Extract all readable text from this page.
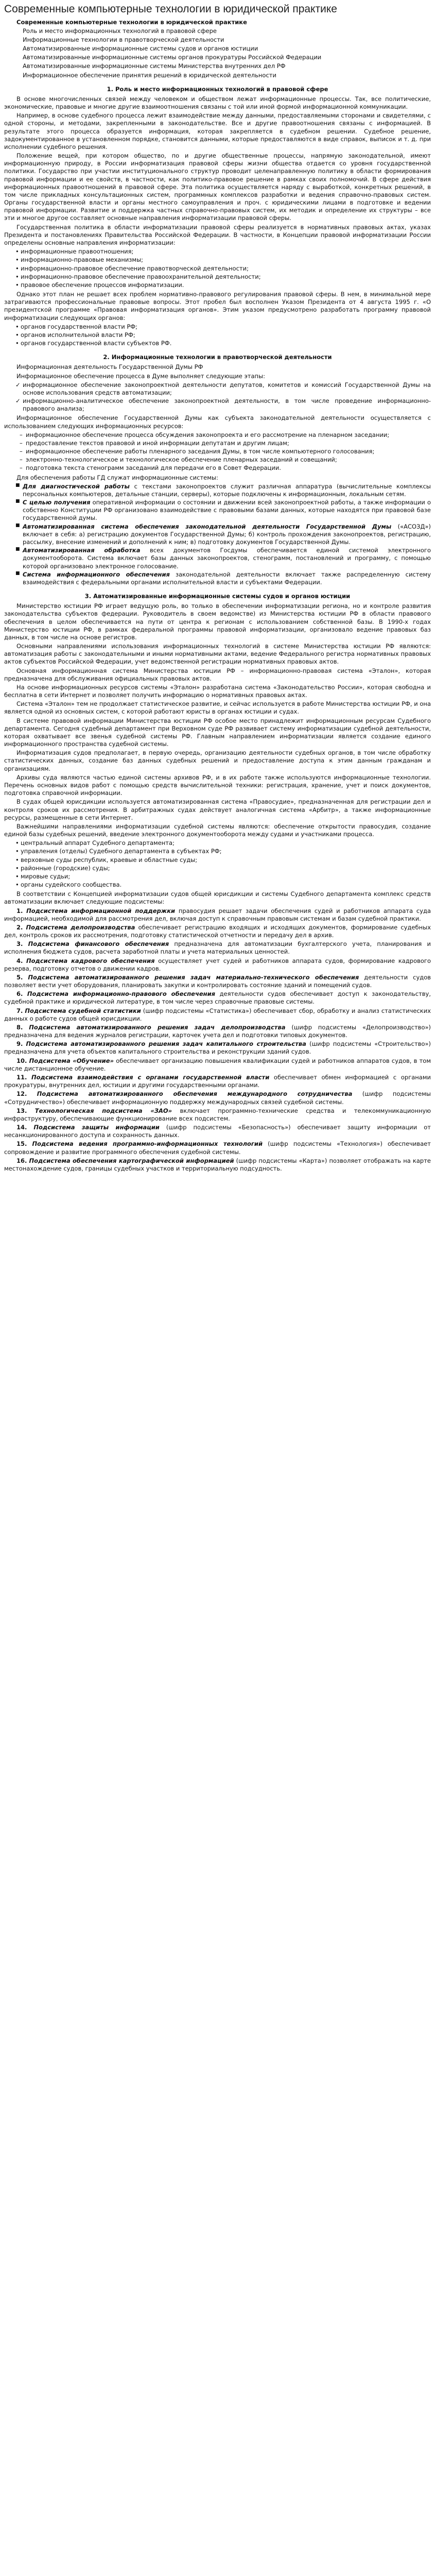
Современные компьютерные технологии в юридической практике
Современные компьютерные технологии в юридической практике
Роль и место информационных технологий в правовой сфере
Информационные технологии в правотворческой деятельности
Автоматизированные информационные системы судов и органов юстиции
Автоматизированные информационные системы органов прокуратуры Российской Федерации
Автоматизированные информационные системы Министерства внутренних дел РФ
Информационное обеспечение принятия решений в юридической деятельности
1. Роль и место информационных технологий в правовой сфере

В основе многочисленных связей между человеком и обществом лежат информационные процессы. Так, все политические, экономические, правовые и многие другие взаимоотношения связаны с той или иной формой информационной коммуникации.

Например, в основе судебного процесса лежит взаимодействие между данными, предоставляемыми сторонами и свидетелями, с одной стороны, и методами, закрепленными в законодательстве. Все и другие правоотношения связаны с информацией. В результате этого процесса образуется информация, которая закрепляется в судебном решении. Судебное решение, задокументированное в установленном порядке, становится данными, которые предоставляются в виде справок, выписок и т. д. при исполнении судебного решения.

Положение вещей, при котором общество, по и другие общественные процессы, напрямую законодательной, имеют информационную природу, в России информатизация правовой сферы жизни общества отдается со уровня государственной политики. Государство при участии институционального структур проводит целенаправленную политику в области формирования правовой информации и ее свойств, в частности, как политико-правовое решение в рамках своих полномочий. В сфере действия информационных правоотношений в правовой сфере. Эта политика осуществляется наряду с выработкой, конкретных решений, в том числе прикладных консультационных систем, программных комплексов разработки и ведения справочно-правовых систем. Органы государственной власти и органы местного самоуправления и проч. с юридическими лицами в подготовке и ведении правовой информации. Развитие и поддержка частных справочно-правовых систем, их методик и определение их структуры – все эти и многое другое составляет основные направления информатизации правовой сферы.

Государственная политика в области информатизации правовой сферы реализуется в нормативных правовых актах, указах Президента и постановлениях Правительства Российской Федерации. В частности, в Концепции правовой информатизации России определены основные направления информатизации:

• информационные правоотношения;
• информационно-правовые механизмы;
• информационно-правовое обеспечение правотворческой деятельности;
• информационно-правовое обеспечение правоохранительной деятельности;
• правовое обеспечение процессов информатизации.

Однако этот план не решает всех проблем нормативно-правового регулирования правовой сферы. В нем, в минимальной мере затрагиваются профессиональные правовые вопросы. Этот пробел был восполнен Указом Президента от 4 августа 1995 г. «О президентской программе «Правовая информатизация органов». Этим указом предусмотрено разработать программу правовой информатизации следующих органов:

• органов государственной власти РФ;
• органов исполнительной власти РФ;
• органов государственной власти субъектов РФ.
2. Информационные технологии в правотворческой деятельности

Информационная деятельность Государственной Думы РФ

Информационное обеспечение процесса в Думе выполняет следующие этапы:

✓ информационное обеспечение законопроектной деятельности депутатов, комитетов и комиссий Государственной Думы на основе использования средств автоматизации;
✓ информационно-аналитическое обеспечение законопроектной деятельности, в том числе проведение информационно-правового анализа;

Информационное обеспечение Государственной Думы как субъекта законодательной деятельности осуществляется с использованием следующих информационных ресурсов:

– информационное обеспечение процесса обсуждения законопроекта и его рассмотрение на пленарном заседании;
– предоставление текстов правовой и иной информации депутатам и другим лицам;
– информационное обеспечение работы пленарного заседания Думы, в том числе компьютерного голосования;
– электронно-технологическое и технологическое обеспечение пленарных заседаний и совещаний;
– подготовка текста стенограмм заседаний для передачи его в Совет Федерации.

Для обеспечения работы ГД служат информационные системы:

■ Для диагностической работы с текстами законопроектов служит различная аппаратура (вычислительные комплексы персональных компьютеров, детальные станции, серверы), которые подключены к информационным, локальным сетям.
■ С целью получения оперативной информации о состоянии и движении всей законопроектной работы, а также информации о собственно Конституции РФ организовано взаимодействие с правовыми базами данных, которые находятся при правовой базе государственной думы.
■ Автоматизированная система обеспечения законодательной деятельности Государственной Думы («АСОЗД») включает в себя: а) регистрацию документов Государственной Думы; б) контроль прохождения законопроектов, регистрацию, рассылку, внесение изменений и дополнений к ним; в) подготовку документов Государственной Думы.
■ Автоматизированная обработка всех документов Госдумы обеспечивается единой системой электронного документооборота. Система включает базы данных законопроектов, стенограмм, постановлений и программу, с помощью которой организовано электронное голосование.
■ Система информационного обеспечения законодательной деятельности включает также распределенную систему взаимодействия с федеральными органами исполнительной власти и субъектами Федерации.
3. Автоматизированные информационные системы судов и органов юстиции

Министерство юстиции РФ играет ведущую роль, во только в обеспечении информатизации региона, но и контроле развития законодательства субъектов федерации. Руководитель в своем ведомстве) из Министерства юстиции РФ в области правового обеспечения в целом обеспечивается на пути от центра к регионам с использованием собственной базы. В 1990-х годах Министерство юстиции РФ, в рамках федеральной программы правовой информатизации, организовало ведение правовых баз данных, в том числе на основе регистров.

Основными направлениями использования информационных технологий в системе Министерства юстиции РФ являются: автоматизация работы с законодательными и иными нормативными актами, ведение Федерального регистра нормативных правовых актов субъектов Российской Федерации, учет ведомственной регистрации нормативных правовых актов.

Основная информационная система Министерства юстиции РФ – информационно-правовая система «Эталон», которая предназначена для обслуживания официальных правовых актов.

На основе информационных ресурсов системы «Эталон» разработана система «Законодательство России», которая свободна и бесплатна в сети Интернет и позволяет получить информацию о нормативных правовых актах.

Система «Эталон» тем не продолжает статистическое развитие, и сейчас используется в работе Министерства юстиции РФ, и она является одной из основных систем, с которой работают юристы в органах юстиции и судах.

В системе правовой информации Министерства юстиции РФ особое место принадлежит информационным ресурсам Судебного департамента. Сегодня судебный департамент при Верховном суде РФ развивает систему информатизации судебной деятельности, которая охватывает все звенья судебной системы РФ. Главным направлением информатизации является создание единого информационного пространства судебной системы.

Информатизация судов предполагает, в первую очередь, организацию деятельности судебных органов, в том числе обработку статистических данных, создание баз данных судебных решений и предоставление доступа к этим данным гражданам и организациям.

Архивы суда являются частью единой системы архивов РФ, и в их работе также используются информационные технологии. Перечень основных видов работ с помощью средств вычислительной техники: регистрация, хранение, учет и поиск документов, подготовка справочной информации.

В судах общей юрисдикции используется автоматизированная система «Правосудие», предназначенная для регистрации дел и контроля сроков их рассмотрения. В арбитражных судах действует аналогичная система «Арбитр», а также информационные ресурсы, размещенные в сети Интернет.

Важнейшими направлениями информатизации судебной системы являются: обеспечение открытости правосудия, создание единой базы судебных решений, введение электронного документооборота между судами и участниками процесса.

• центральный аппарат Судебного департамента;
• управления (отделы) Судебного департамента в субъектах РФ;
• верховные суды республик, краевые и областные суды;
• районные (городские) суды;
• мировые судьи;
• органы судейского сообщества.

В соответствии с Концепцией информатизации судов общей юрисдикции и системы Судебного департамента комплекс средств автоматизации включает следующие подсистемы:

1. Подсистема информационной поддержки правосудия решает задачи обеспечения судей и работников аппарата суда информацией, необходимой для рассмотрения дел, включая доступ к справочным правовым системам и базам судебной практики.

2. Подсистема делопроизводства обеспечивает регистрацию входящих и исходящих документов, формирование судебных дел, контроль сроков их рассмотрения, подготовку статистической отчетности и передачу дел в архив.

3. Подсистема финансового обеспечения предназначена для автоматизации бухгалтерского учета, планирования и исполнения бюджета судов, расчета заработной платы и учета материальных ценностей.

4. Подсистема кадрового обеспечения осуществляет учет судей и работников аппарата судов, формирование кадрового резерва, подготовку отчетов о движении кадров.

5. Подсистема автоматизированного решения задач материально-технического обеспечения деятельности судов позволяет вести учет оборудования, планировать закупки и контролировать состояние зданий и помещений судов.

6. Подсистема информационно-правового обеспечения деятельности судов обеспечивает доступ к законодательству, судебной практике и юридической литературе, в том числе через справочные правовые системы.

7. Подсистема судебной статистики (шифр подсистемы «Статистика») обеспечивает сбор, обработку и анализ статистических данных о работе судов общей юрисдикции.

8. Подсистема автоматизированного решения задач делопроизводства (шифр подсистемы «Делопроизводство») предназначена для ведения журналов регистрации, карточек учета дел и подготовки типовых документов.

9. Подсистема автоматизированного решения задач капитального строительства (шифр подсистемы «Строительство») предназначена для учета объектов капитального строительства и реконструкции зданий судов.

10. Подсистема «Обучение» обеспечивает организацию повышения квалификации судей и работников аппаратов судов, в том числе дистанционное обучение.

11. Подсистема взаимодействия с органами государственной власти обеспечивает обмен информацией с органами прокуратуры, внутренних дел, юстиции и другими государственными органами.

12. Подсистема автоматизированного обеспечения международного сотрудничества (шифр подсистемы «Сотрудничество») обеспечивает информационную поддержку международных связей судебной системы.

13. Технологическая подсистема «ЗАО» включает программно-технические средства и телекоммуникационную инфраструктуру, обеспечивающие функционирование всех подсистем.

14. Подсистема защиты информации (шифр подсистемы «Безопасность») обеспечивает защиту информации от несанкционированного доступа и сохранность данных.

15. Подсистема ведения программно-информационных технологий (шифр подсистемы «Технология») обеспечивает сопровождение и развитие программного обеспечения судебной системы.

16. Подсистема обеспечения картографической информацией (шифр подсистемы «Карта») позволяет отображать на карте местонахождение судов, границы судебных участков и территориальную подсудность.
